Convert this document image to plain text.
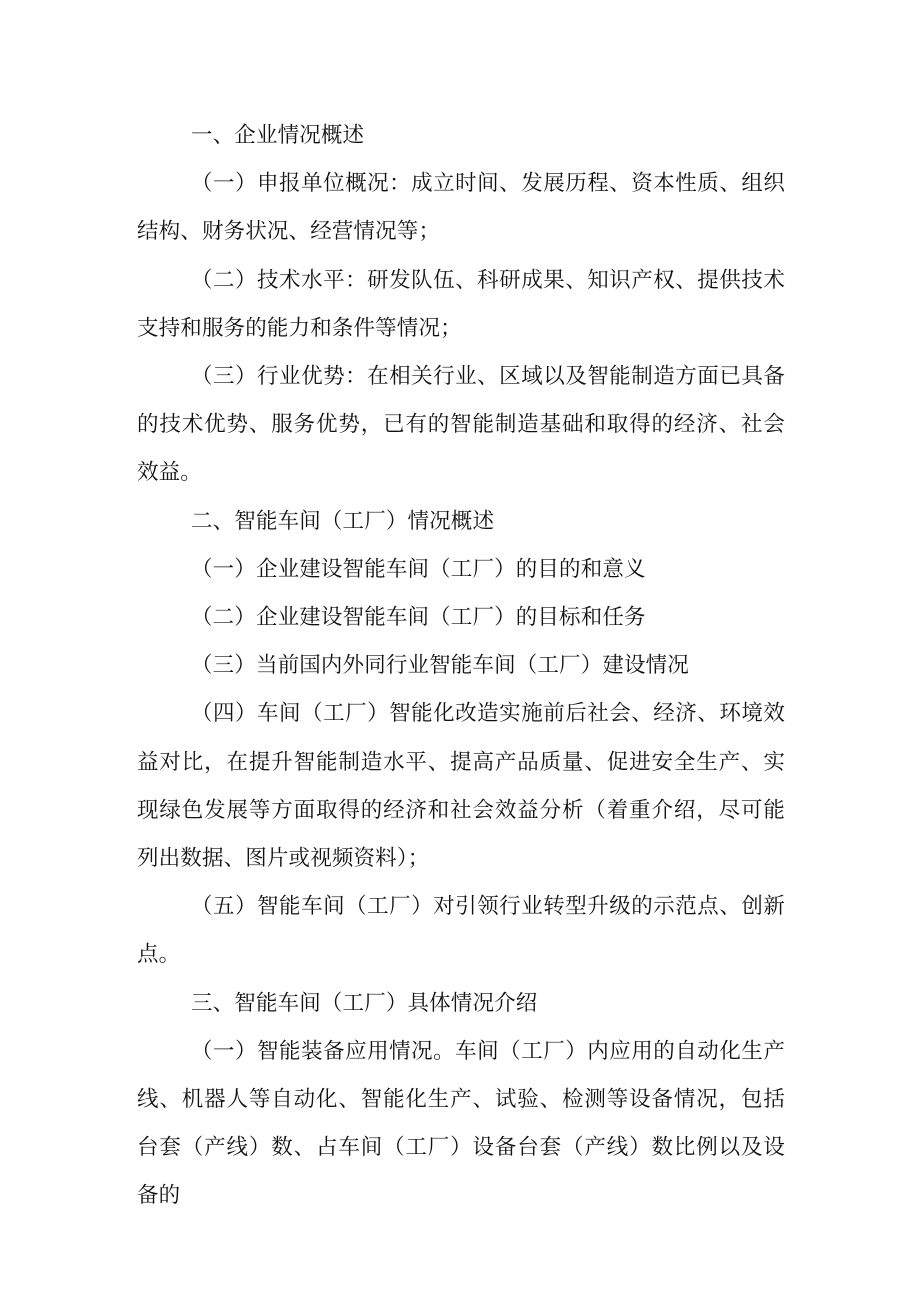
一、企业情况概述

（一）申报单位概况：成立时间、发展历程、资本性质、组织结构、财务状况、经营情况等；

（二）技术水平：研发队伍、科研成果、知识产权、提供技术支持和服务的能力和条件等情况；

（三）行业优势：在相关行业、区域以及智能制造方面已具备的技术优势、服务优势，已有的智能制造基础和取得的经济、社会效益。

二、智能车间（工厂）情况概述

（一）企业建设智能车间（工厂）的目的和意义

（二）企业建设智能车间（工厂）的目标和任务

（三）当前国内外同行业智能车间（工厂）建设情况

（四）车间（工厂）智能化改造实施前后社会、经济、环境效益对比，在提升智能制造水平、提高产品质量、促进安全生产、实现绿色发展等方面取得的经济和社会效益分析（着重介绍，尽可能列出数据、图片或视频资料）；

（五）智能车间（工厂）对引领行业转型升级的示范点、创新点。

三、智能车间（工厂）具体情况介绍

（一）智能装备应用情况。车间（工厂）内应用的自动化生产线、机器人等自动化、智能化生产、试验、检测等设备情况，包括台套（产线）数、占车间（工厂）设备台套（产线）数比例以及设备的
